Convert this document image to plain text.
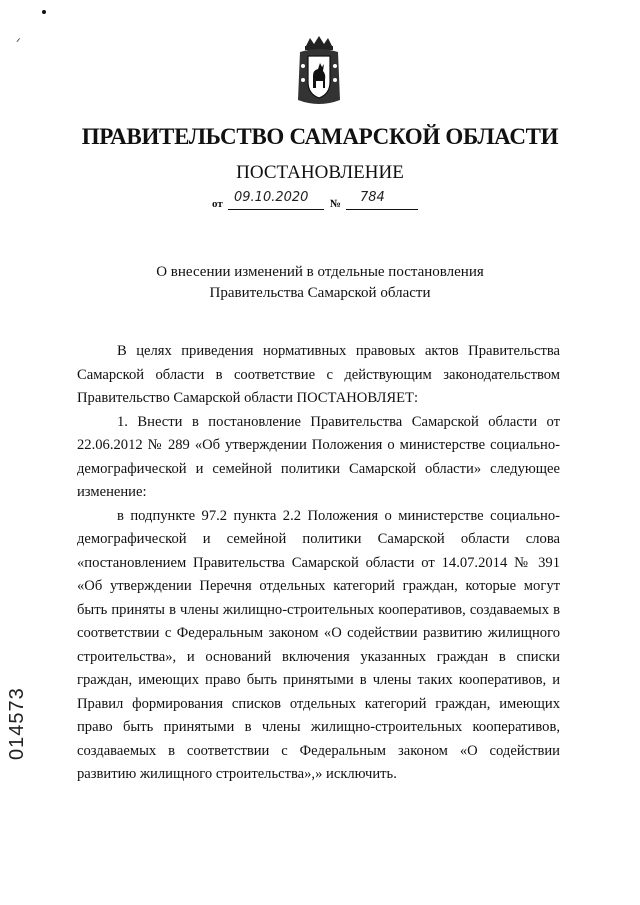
ᐟ
ПРАВИТЕЛЬСТВО САМАРСКОЙ ОБЛАСТИ
ПОСТАНОВЛЕНИЕ
от 09.10.2020 № 784
О внесении изменений в отдельные постановления
Правительства Самарской области

В целях приведения нормативных правовых актов Правительства Самарской области в соответствие с действующим законодательством Правительство Самарской области ПОСТАНОВЛЯЕТ:

1. Внести в постановление Правительства Самарской области от 22.06.2012 № 289 «Об утверждении Положения о министерстве социально-демографической и семейной политики Самарской области» следующее изменение:

в подпункте 97.2 пункта 2.2 Положения о министерстве социально-демографической и семейной политики Самарской области слова «постановлением Правительства Самарской области от 14.07.2014 № 391 «Об утверждении Перечня отдельных категорий граждан, которые могут быть приняты в члены жилищно-строительных кооперативов, создаваемых в соответствии с Федеральным законом «О содействии развитию жилищного строительства», и оснований включения указанных граждан в списки граждан, имеющих право быть принятыми в члены таких кооперативов, и Правил формирования списков отдельных категорий граждан, имеющих право быть принятыми в члены жилищно-строительных кооперативов, создаваемых в соответствии с Федеральным законом «О содействии развитию жилищного строительства»,» исключить.

014573
